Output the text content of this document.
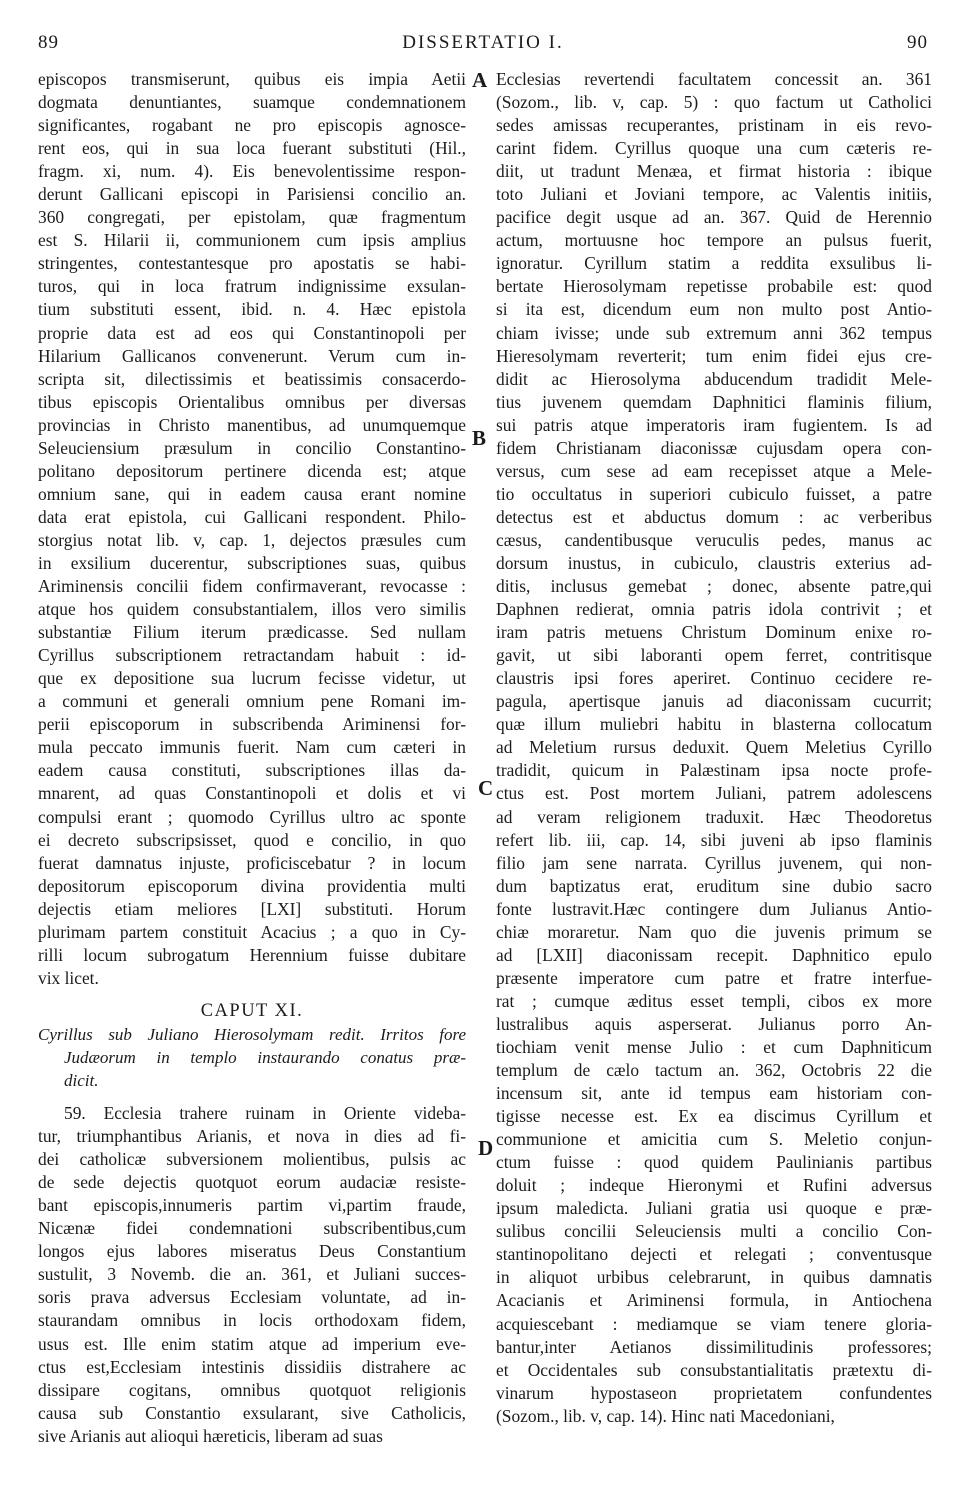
89	DISSERTATIO I.	90
A
B
C
D
episcopos transmiserunt, quibus eis impia Aetii
dogmata denuntiantes, suamque condemnationem
significantes, rogabant ne pro episcopis agnosce-
rent eos, qui in sua loca fuerant substituti (Hil.,
fragm. xi, num. 4). Eis benevolentissime respon-
derunt Gallicani episcopi in Parisiensi concilio an.
360 congregati, per epistolam, quæ fragmentum
est S. Hilarii ii, communionem cum ipsis amplius
stringentes, contestantesque pro apostatis se habi-
turos, qui in loca fratrum indignissime exsulan-
tium substituti essent, ibid. n. 4. Hæc epistola
proprie data est ad eos qui Constantinopoli per
Hilarium Gallicanos convenerunt. Verum cum in-
scripta sit, dilectissimis et beatissimis consacerdo-
tibus episcopis Orientalibus omnibus per diversas
provincias in Christo manentibus, ad unumquemque
Seleuciensium præsulum in concilio Constantino-
politano depositorum pertinere dicenda est; atque
omnium sane, qui in eadem causa erant nomine
data erat epistola, cui Gallicani respondent. Philo-
storgius notat lib. v, cap. 1, dejectos præsules cum
in exsilium ducerentur, subscriptiones suas, quibus
Ariminensis concilii fidem confirmaverant, revocasse :
atque hos quidem consubstantialem, illos vero similis
substantiæ Filium iterum prædicasse. Sed nullam
Cyrillus subscriptionem retractandam habuit : id-
que ex depositione sua lucrum fecisse videtur, ut
a communi et generali omnium pene Romani im-
perii episcoporum in subscribenda Ariminensi for-
mula peccato immunis fuerit. Nam cum cæteri in
eadem causa constituti, subscriptiones illas da-
mnarent, ad quas Constantinopoli et dolis et vi
compulsi erant ; quomodo Cyrillus ultro ac sponte
ei decreto subscripsisset, quod e concilio, in quo
fuerat damnatus injuste, proficiscebatur ? in locum
depositorum episcoporum divina providentia multi
dejectis etiam meliores [LXI] substituti. Horum
plurimam partem constituit Acacius ; a quo in Cy-
rilli locum subrogatum Herennium fuisse dubitare
vix licet.
CAPUT XI.
Cyrillus sub Juliano Hierosolymam redit. Irritos fore
Judæorum in templo instaurando conatus præ-
dicit.
59. Ecclesia trahere ruinam in Oriente videba-
tur, triumphantibus Arianis, et nova in dies ad fi-
dei catholicæ subversionem molientibus, pulsis ac
de sede dejectis quotquot eorum audaciæ resiste-
bant episcopis,innumeris partim vi,partim fraude,
Nicænæ fidei condemnationi subscribentibus,cum
longos ejus labores miseratus Deus Constantium
sustulit, 3 Novemb. die an. 361, et Juliani succes-
soris prava adversus Ecclesiam voluntate, ad in-
staurandam omnibus in locis orthodoxam fidem,
usus est. Ille enim statim atque ad imperium eve-
ctus est,Ecclesiam intestinis dissidiis distrahere ac
dissipare cogitans, omnibus quotquot religionis
causa sub Constantio exsularant, sive Catholicis,
sive Arianis aut alioqui hæreticis, liberam ad suas
Ecclesias revertendi facultatem concessit an. 361
(Sozom., lib. v, cap. 5) : quo factum ut Catholici
sedes amissas recuperantes, pristinam in eis revo-
carint fidem. Cyrillus quoque una cum cæteris re-
diit, ut tradunt Menæa, et firmat historia : ibique
toto Juliani et Joviani tempore, ac Valentis initiis,
pacifice degit usque ad an. 367. Quid de Herennio
actum, mortuusne hoc tempore an pulsus fuerit,
ignoratur. Cyrillum statim a reddita exsulibus li-
bertate Hierosolymam repetisse probabile est: quod
si ita est, dicendum eum non multo post Antio-
chiam ivisse; unde sub extremum anni 362 tempus
Hieresolymam reverterit; tum enim fidei ejus cre-
didit ac Hierosolyma abducendum tradidit Mele-
tius juvenem quemdam Daphnitici flaminis filium,
sui patris atque imperatoris iram fugientem. Is ad
fidem Christianam diaconissæ cujusdam opera con-
versus, cum sese ad eam recepisset atque a Mele-
tio occultatus in superiori cubiculo fuisset, a patre
detectus est et abductus domum : ac verberibus
cæsus, candentibusque veruculis pedes, manus ac
dorsum inustus, in cubiculo, claustris exterius ad-
ditis, inclusus gemebat ; donec, absente patre,qui
Daphnen redierat, omnia patris idola contrivit ; et
iram patris metuens Christum Dominum enixe ro-
gavit, ut sibi laboranti opem ferret, contritisque
claustris ipsi fores aperiret. Continuo cecidere re-
pagula, apertisque januis ad diaconissam cucurrit;
quæ illum muliebri habitu in blasterna collocatum
ad Meletium rursus deduxit. Quem Meletius Cyrillo
tradidit, quicum in Palæstinam ipsa nocte profe-
ctus est. Post mortem Juliani, patrem adolescens
ad veram religionem traduxit. Hæc Theodoretus
refert lib. iii, cap. 14, sibi juveni ab ipso flaminis
filio jam sene narrata. Cyrillus juvenem, qui non-
dum baptizatus erat, eruditum sine dubio sacro
fonte lustravit.Hæc contingere dum Julianus Antio-
chiæ moraretur. Nam quo die juvenis primum se
ad [LXII] diaconissam recepit. Daphnitico epulo
præsente imperatore cum patre et fratre interfue-
rat ; cumque æditus esset templi, cibos ex more
lustralibus aquis asperserat. Julianus porro An-
tiochiam venit mense Julio : et cum Daphniticum
templum de cælo tactum an. 362, Octobris 22 die
incensum sit, ante id tempus eam historiam con-
tigisse necesse est. Ex ea discimus Cyrillum et
communione et amicitia cum S. Meletio conjun-
ctum fuisse : quod quidem Paulinianis partibus
doluit ; indeque Hieronymi et Rufini adversus
ipsum maledicta. Juliani gratia usi quoque e præ-
sulibus concilii Seleuciensis multi a concilio Con-
stantinopolitano dejecti et relegati ; conventusque
in aliquot urbibus celebrarunt, in quibus damnatis
Acacianis et Ariminensi formula, in Antiochena
acquiescebant : mediamque se viam tenere gloria-
bantur,inter Aetianos dissimilitudinis professores;
et Occidentales sub consubstantialitatis prætextu di-
vinarum hypostaseon proprietatem confundentes
(Sozom., lib. v, cap. 14). Hinc nati Macedoniani,
